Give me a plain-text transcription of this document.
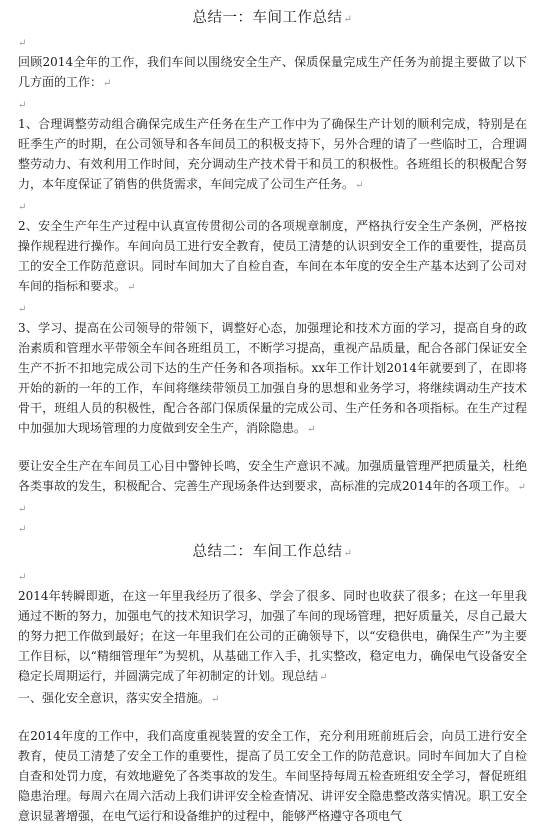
总结一：车间工作总结↵

↵

回顾2014全年的工作，我们车间以围绕安全生产、保质保量完成生产任务为前提主要做了以下几方面的工作：↵

↵

1、合理调整劳动组合确保完成生产任务在生产工作中为了确保生产计划的顺利完成，特别是在旺季生产的时期，在公司领导和各车间员工的积极支持下，另外合理的请了一些临时工，合理调整劳动力、有效利用工作时间，充分调动生产技术骨干和员工的积极性。各班组长的积极配合努力，本年度保证了销售的供货需求，车间完成了公司生产任务。↵

↵

2、安全生产年生产过程中认真宣传贯彻公司的各项规章制度，严格执行安全生产条例，严格按操作规程进行操作。车间向员工进行安全教育，使员工清楚的认识到安全工作的重要性，提高员工的安全工作防范意识。同时车间加大了自检自查，车间在本年度的安全生产基本达到了公司对车间的指标和要求。↵

↵

3、学习、提高在公司领导的带领下，调整好心态，加强理论和技术方面的学习，提高自身的政治素质和管理水平带领全车间各班组员工，不断学习提高，重视产品质量，配合各部门保证安全生产不折不扣地完成公司下达的生产任务和各项指标。xx年工作计划2014年就要到了，在即将开始的新的一年的工作，车间将继续带领员工加强自身的思想和业务学习，将继续调动生产技术骨干，班组人员的积极性，配合各部门保质保量的完成公司、生产任务和各项指标。在生产过程中加强加大现场管理的力度做到安全生产，消除隐患。↵

要让安全生产在车间员工心目中警钟长鸣，安全生产意识不减。加强质量管理严把质量关，杜绝各类事故的发生，积极配合、完善生产现场条件达到要求，高标准的完成2014年的各项工作。↵

↵

↵

总结二：车间工作总结↵

↵

2014年转瞬即逝，在这一年里我经历了很多、学会了很多、同时也收获了很多；在这一年里我通过不断的努力，加强电气的技术知识学习，加强了车间的现场管理，把好质量关，尽自己最大的努力把工作做到最好；在这一年里我们在公司的正确领导下，以“安稳供电，确保生产”为主要工作目标，以“精细管理年”为契机，从基础工作入手，扎实整改，稳定电力，确保电气设备安全稳定长周期运行，并圆满完成了年初制定的计划。现总结↵

一、强化安全意识，落实安全措施。↵

在2014年度的工作中，我们高度重视装置的安全工作，充分利用班前班后会，向员工进行安全教育，使员工清楚了安全工作的重要性，提高了员工安全工作的防范意识。同时车间加大了自检自查和处罚力度，有效地避免了各类事故的发生。车间坚持每周五检查班组安全学习，督促班组隐患治理。每周六在周六活动上我们讲评安全检查情况、讲评安全隐患整改落实情况。职工安全意识显著增强，在电气运行和设备维护的过程中，能够严格遵守各项电气
